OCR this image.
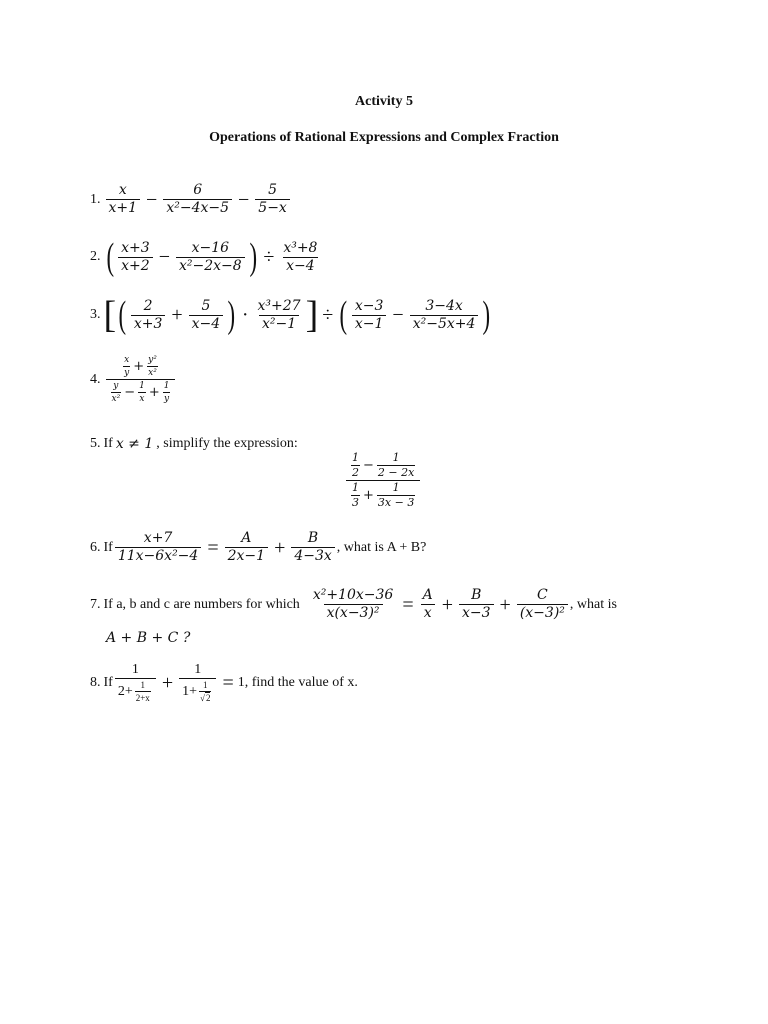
Activity 5
Operations of Rational Expressions and Complex Fraction
1. $\frac{x}{x+1} - \frac{6}{\text{x²−4x−5}} - \frac{5}{5-x}$
2. ( $\frac{x+3}{x+2} - \frac{x-16}{\text{x²−2x−8}}$ ) ÷ $\frac{\text{x³+8}}{x-4}$
3. [ ( $\frac{2}{x+3} + \frac{5}{x-4}$ ) · $\frac{\text{x³+27}}{\text{x²−1}}$ ] ÷ ( $\frac{x-3}{x-1} - \frac{3-4x}{\text{x²−5x+4}}$ )
4.
$\frac{x}{y} + \frac{\text{y²}}{\text{x²}}$
$\frac{y}{\text{x²}} - \frac{1}{x} + \frac{1}{y}$
5. If x ≠ 1 , simplify the expression:
$\frac{1}{2} - \frac{1}{2 - 2x}$
$\frac{1}{3} + \frac{1}{3x - 3}$
6. If $\frac{x+7}{\text{11x−6x²−4}} = \frac{A}{2x-1} + \frac{B}{4-3x}$ , what is A + B?
7. If a, b and c are numbers for which $\frac{\text{x²+10x−36}}{\text{x(x−3)²}} = \frac{A}{x} + \frac{B}{x-3} + \frac{C}{\text{(x−3)²}}$ , what is
A + B + C ?
8. If $\frac{1}{2+ \frac{1}{2+x}} + \frac{1}{1+ \frac{1}{√2}} = 1$, find the value of x.
